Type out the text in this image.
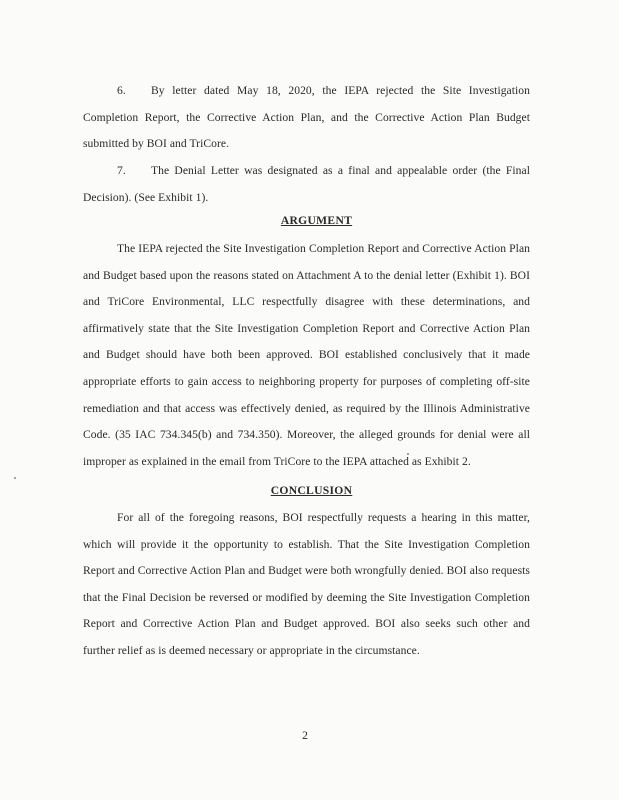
6. By letter dated May 18, 2020, the IEPA rejected the Site Investigation Completion Report, the Corrective Action Plan, and the Corrective Action Plan Budget submitted by BOI and TriCore.

7. The Denial Letter was designated as a final and appealable order (the Final Decision). (See Exhibit 1).

ARGUMENT

The IEPA rejected the Site Investigation Completion Report and Corrective Action Plan and Budget based upon the reasons stated on Attachment A to the denial letter (Exhibit 1). BOI and TriCore Environmental, LLC respectfully disagree with these determinations, and affirmatively state that the Site Investigation Completion Report and Corrective Action Plan and Budget should have both been approved. BOI established conclusively that it made appropriate efforts to gain access to neighboring property for purposes of completing off-site remediation and that access was effectively denied, as required by the Illinois Administrative Code. (35 IAC 734.345(b) and 734.350). Moreover, the alleged grounds for denial were all improper as explained in the email from TriCore to the IEPA attached as Exhibit 2.

CONCLUSION

For all of the foregoing reasons, BOI respectfully requests a hearing in this matter, which will provide it the opportunity to establish. That the Site Investigation Completion Report and Corrective Action Plan and Budget were both wrongfully denied. BOI also requests that the Final Decision be reversed or modified by deeming the Site Investigation Completion Report and Corrective Action Plan and Budget approved. BOI also seeks such other and further relief as is deemed necessary or appropriate in the circumstance.

2
